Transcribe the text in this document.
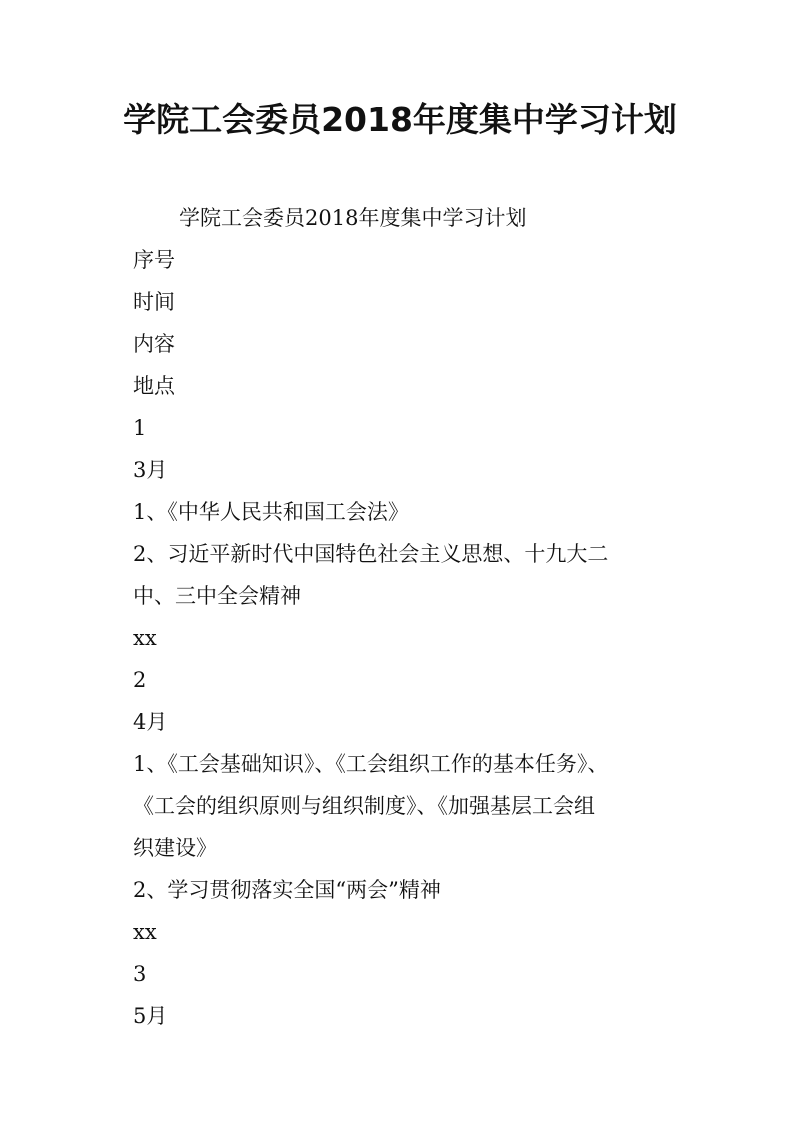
学院工会委员2018年度集中学习计划

学院工会委员2018年度集中学习计划

序号

时间

内容

地点

1

3月

1、《中华人民共和国工会法》

2、习近平新时代中国特色社会主义思想、十九大二

中、三中全会精神

xx

2

4月

1、《工会基础知识》、《工会组织工作的基本任务》、

《工会的组织原则与组织制度》、《加强基层工会组

织建设》

2、学习贯彻落实全国“两会”精神

xx

3

5月
